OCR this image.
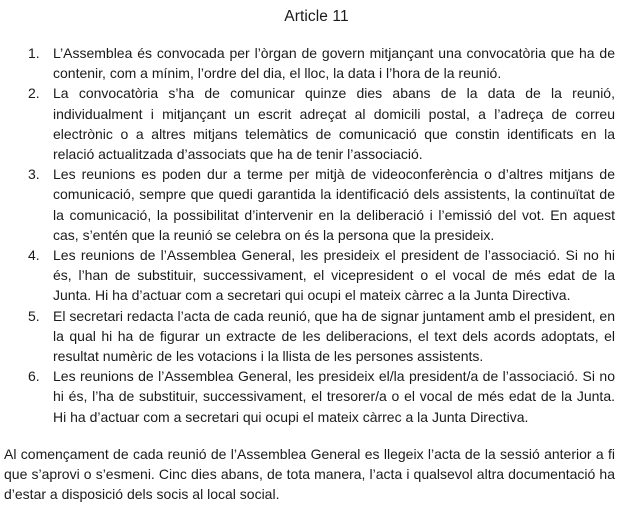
Article 11
1. L’Assemblea és convocada per l’òrgan de govern mitjançant una convocatòria que ha de contenir, com a mínim, l’ordre del dia, el lloc, la data i l’hora de la reunió.
2. La convocatòria s’ha de comunicar quinze dies abans de la data de la reunió, individualment i mitjançant un escrit adreçat al domicili postal, a l’adreça de correu electrònic o a altres mitjans telemàtics de comunicació que constin identificats en la relació actualitzada d’associats que ha de tenir l’associació.
3. Les reunions es poden dur a terme per mitjà de videoconferència o d’altres mitjans de comunicació, sempre que quedi garantida la identificació dels assistents, la continuïtat de la comunicació, la possibilitat d’intervenir en la deliberació i l’emissió del vot. En aquest cas, s’entén que la reunió se celebra on és la persona que la presideix.
4. Les reunions de l’Assemblea General, les presideix el president de l’associació. Si no hi és, l’han de substituir, successivament, el vicepresident o el vocal de més edat de la Junta. Hi ha d’actuar com a secretari qui ocupi el mateix càrrec a la Junta Directiva.
5. El secretari redacta l’acta de cada reunió, que ha de signar juntament amb el president, en la qual hi ha de figurar un extracte de les deliberacions, el text dels acords adoptats, el resultat numèric de les votacions i la llista de les persones assistents.
6. Les reunions de l’Assemblea General, les presideix el/la president/a de l’associació. Si no hi és, l’ha de substituir, successivament, el tresorer/a o el vocal de més edat de la Junta. Hi ha d’actuar com a secretari qui ocupi el mateix càrrec a la Junta Directiva.

Al començament de cada reunió de l’Assemblea General es llegeix l’acta de la sessió anterior a fi que s’aprovi o s’esmeni. Cinc dies abans, de tota manera, l’acta i qualsevol altra documentació ha d’estar a disposició dels socis al local social.
